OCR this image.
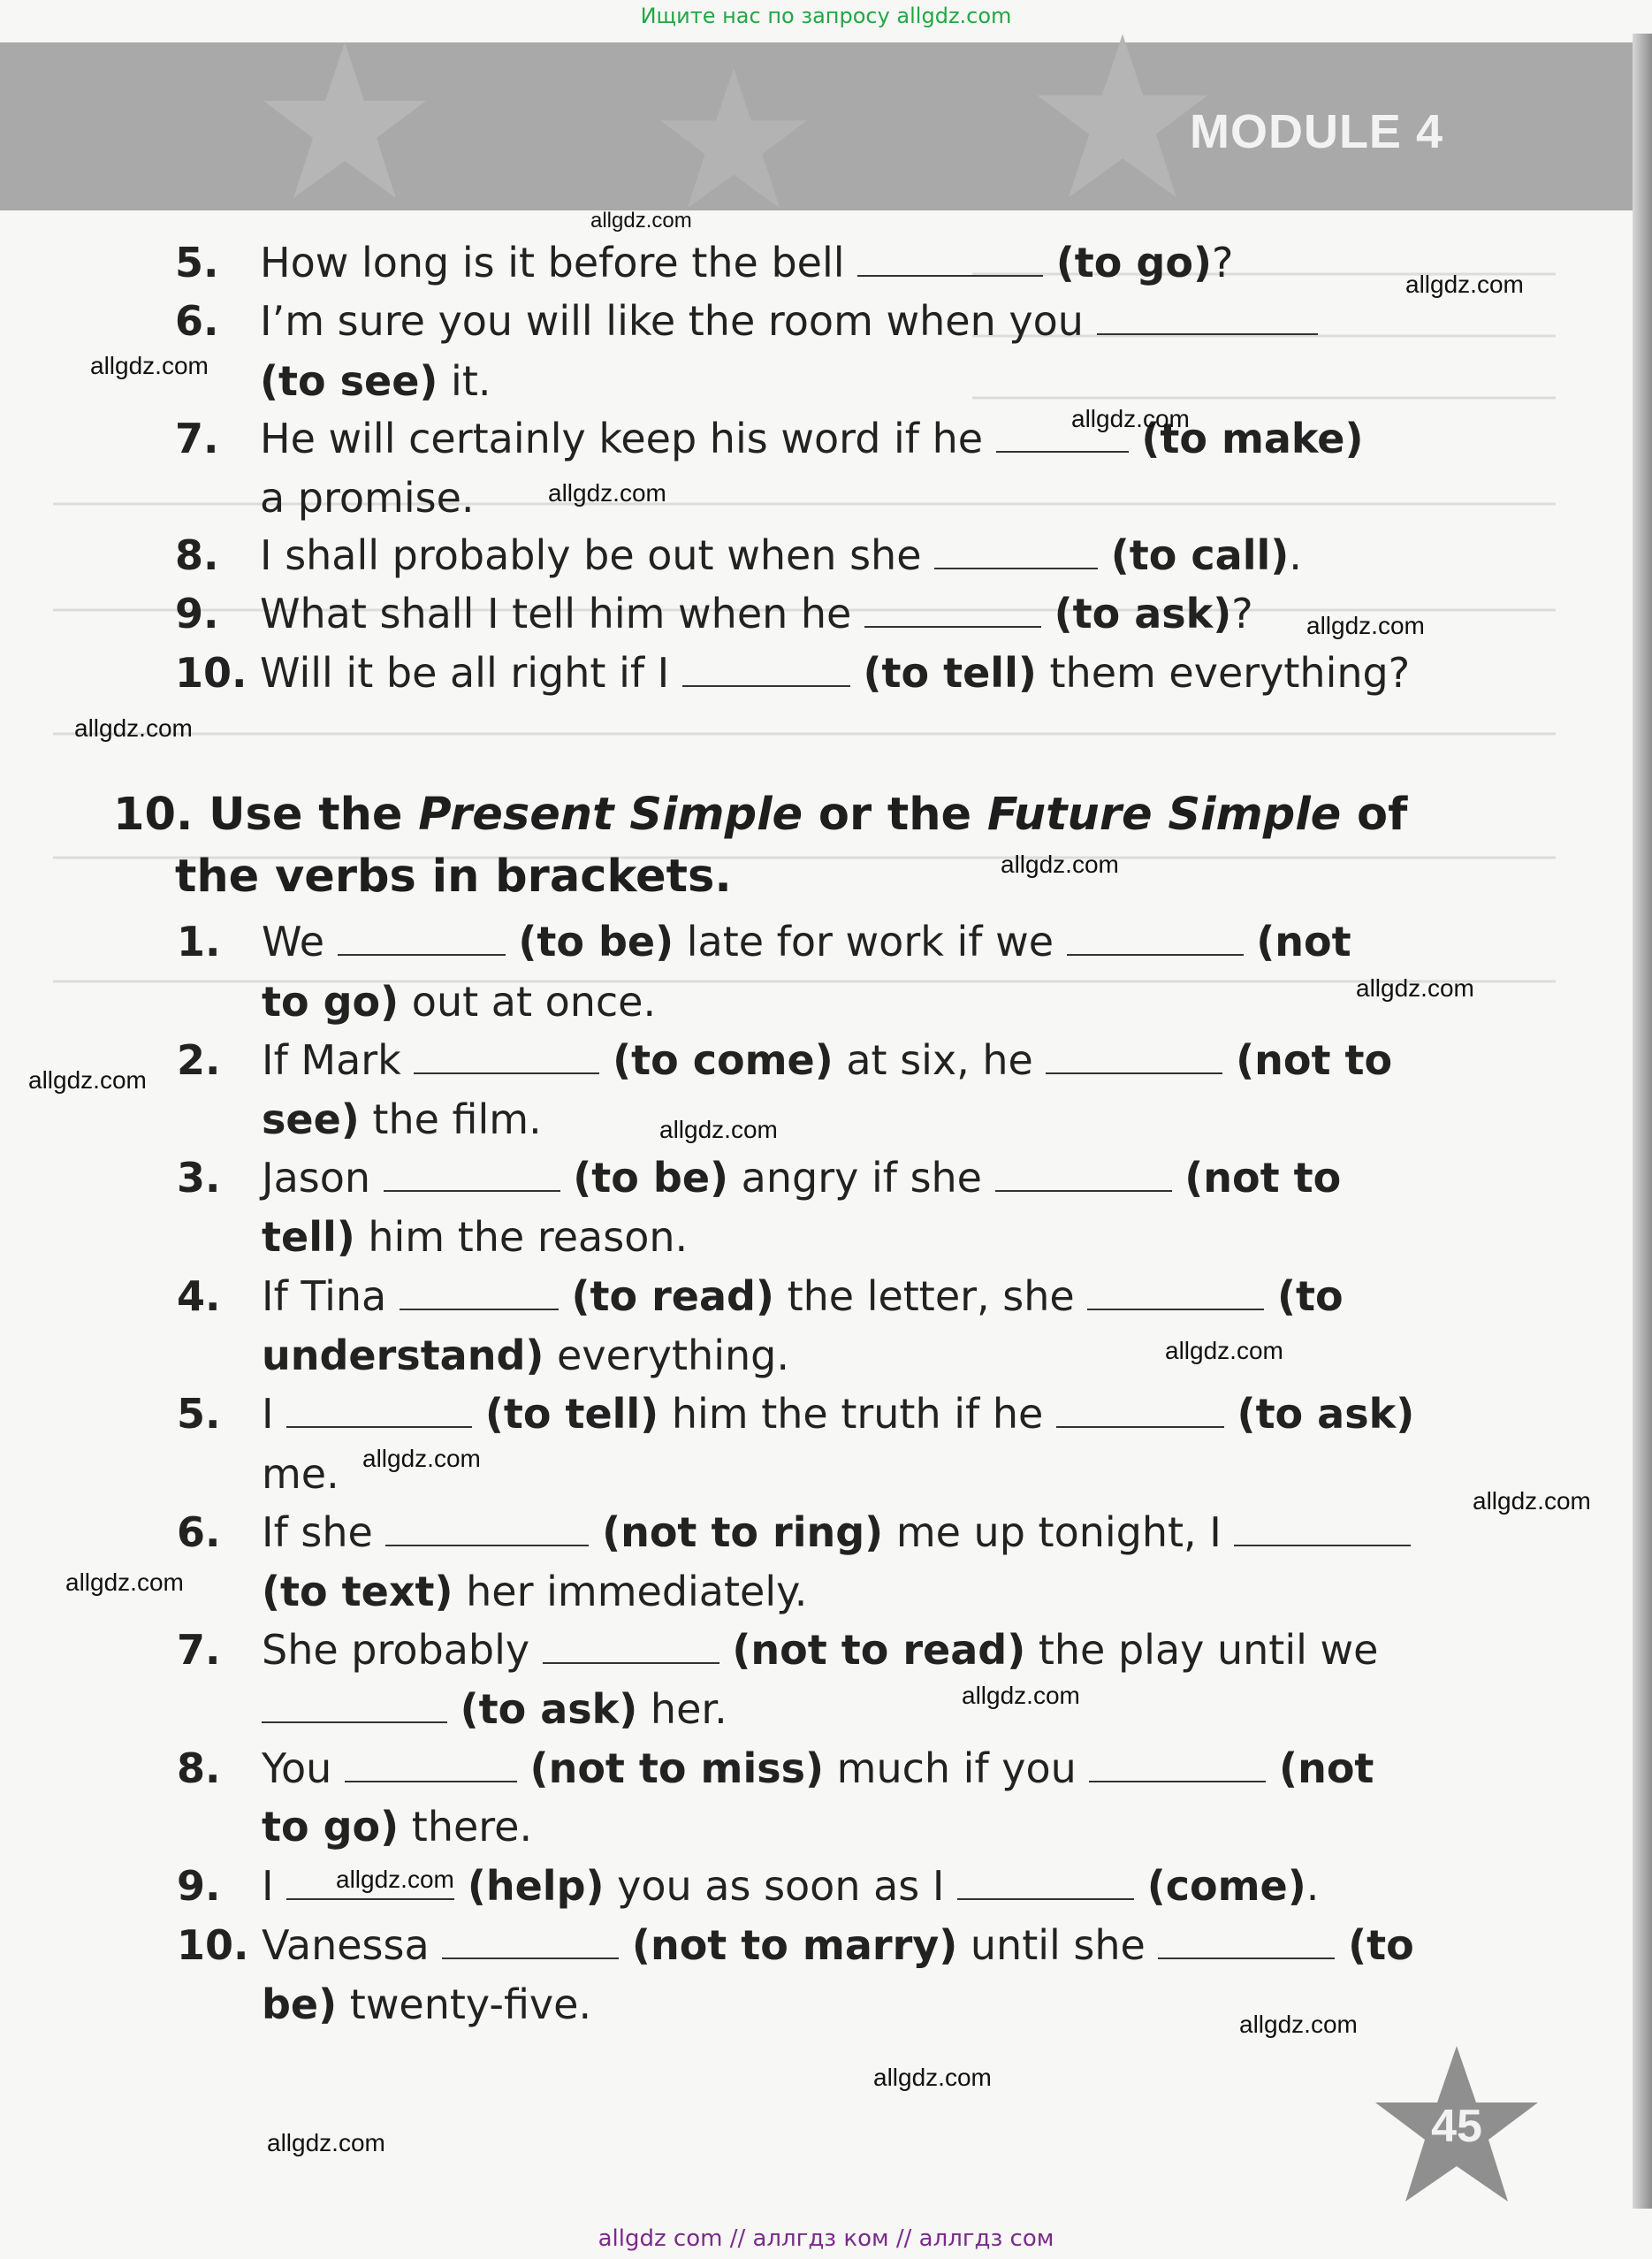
Ищите нас по запросу allgdz.com
MODULE 4
5. How long is it before the bell	(to go)?
6. I’m sure you will like the room when you
(to see) it.
7. He will certainly keep his word if he	(to make)
a promise.
8. I shall probably be out when she	(to call).
9. What shall I tell him when he	(to ask)?
10. Will it be all right if I	(to tell) them everything?
10. Use the Present Simple or the Future Simple of
the verbs in brackets.
1. We	(to be) late for work if we	(not
to go) out at once.
2. If Mark	(to come) at six, he	(not to
see) the film.
3. Jason	(to be) angry if she	(not to
tell) him the reason.
4. If Tina	(to read) the letter, she	(to
understand) everything.
5. I	(to tell) him the truth if he	(to ask)
me.
6. If she	(not to ring) me up tonight, I
(to text) her immediately.
7. She probably	(not to read) the play until we
(to ask) her.
8. You	(not to miss) much if you	(not
to go) there.
9. I	(help) you as soon as I	(come).
10. Vanessa	(not to marry) until she	(to
be) twenty-five.
allgdz.com
allgdz.com
allgdz.com
allgdz.com
allgdz.com
allgdz.com
allgdz.com
allgdz.com
allgdz.com
allgdz.com
allgdz.com
allgdz.com
allgdz.com
allgdz.com
allgdz.com
allgdz.com
allgdz.com
allgdz.com
allgdz.com
allgdz.com	45
allgdz com // аллгдз ком // аллгдз сом
